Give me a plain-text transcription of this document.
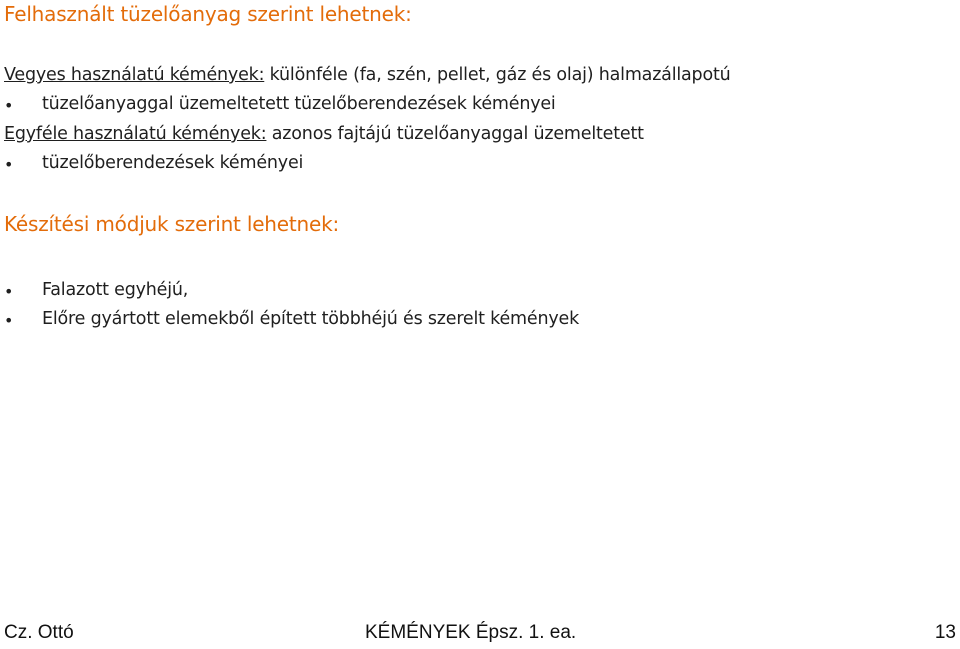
Felhasznált tüzelőanyag szerint lehetnek:
Vegyes használatú kémények: különféle (fa, szén, pellet, gáz és olaj) halmazállapotú
• tüzelőanyaggal üzemeltetett tüzelőberendezések kéményei
Egyféle használatú kémények: azonos fajtájú tüzelőanyaggal üzemeltetett
• tüzelőberendezések kéményei
Készítési módjuk szerint lehetnek:
• Falazott egyhéjú,
• Előre gyártott elemekből épített többhéjú és szerelt kémények
Cz. Ottó	KÉMÉNYEK Épsz. 1. ea.	13
